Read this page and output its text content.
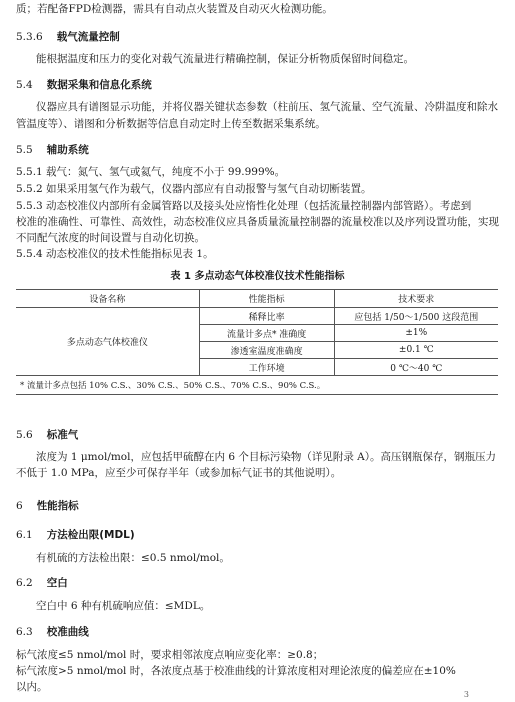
质；若配备FPD检测器，需具有自动点火装置及自动灭火检测功能。
5.3.6 载气流量控制
能根据温度和压力的变化对载气流量进行精确控制，保证分析物质保留时间稳定。
5.4 数据采集和信息化系统
仪器应具有谱图显示功能，并将仪器关键状态参数（柱前压、氢气流量、空气流量、冷阱温度和除水
管温度等）、谱图和分析数据等信息自动定时上传至数据采集系统。
5.5 辅助系统
5.5.1 载气：氮气、氢气或氦气，纯度不小于 99.999%。
5.5.2 如果采用氢气作为载气，仪器内部应有自动报警与氢气自动切断装置。
5.5.3 动态校准仪内部所有金属管路以及接头处应惰性化处理（包括流量控制器内部管路）。考虑到
校准的准确性、可靠性、高效性，动态校准仪应具备质量流量控制器的流量校准以及序列设置功能，实现
不同配气浓度的时间设置与自动化切换。
5.5.4 动态校准仪的技术性能指标见表 1。
表 1 多点动态气体校准仪技术性能指标
设备名称	性能指标	技术要求
多点动态气体校准仪	稀释比率	应包括 1/50～1/500 这段范围
	流量计多点* 准确度	±1%
	渗透室温度准确度	±0.1 ℃
	工作环境	0 ℃～40 ℃
* 流量计多点包括 10% C.S.、30% C.S.、50% C.S.、70% C.S.、90% C.S.。		
5.6 标准气
浓度为 1 μmol/mol，应包括甲硫醇在内 6 个目标污染物（详见附录 A）。高压钢瓶保存，钢瓶压力
不低于 1.0 MPa，应至少可保存半年（或参加标气证书的其他说明）。
6 性能指标
6.1 方法检出限(MDL)
有机硫的方法检出限：≤0.5 nmol/mol。
6.2 空白
空白中 6 种有机硫响应值：≤MDL。
6.3 校准曲线
标气浓度≤5 nmol/mol 时，要求相邻浓度点响应变化率：≥0.8；
标气浓度>5 nmol/mol 时，各浓度点基于校准曲线的计算浓度相对理论浓度的偏差应在±10%
以内。
3
